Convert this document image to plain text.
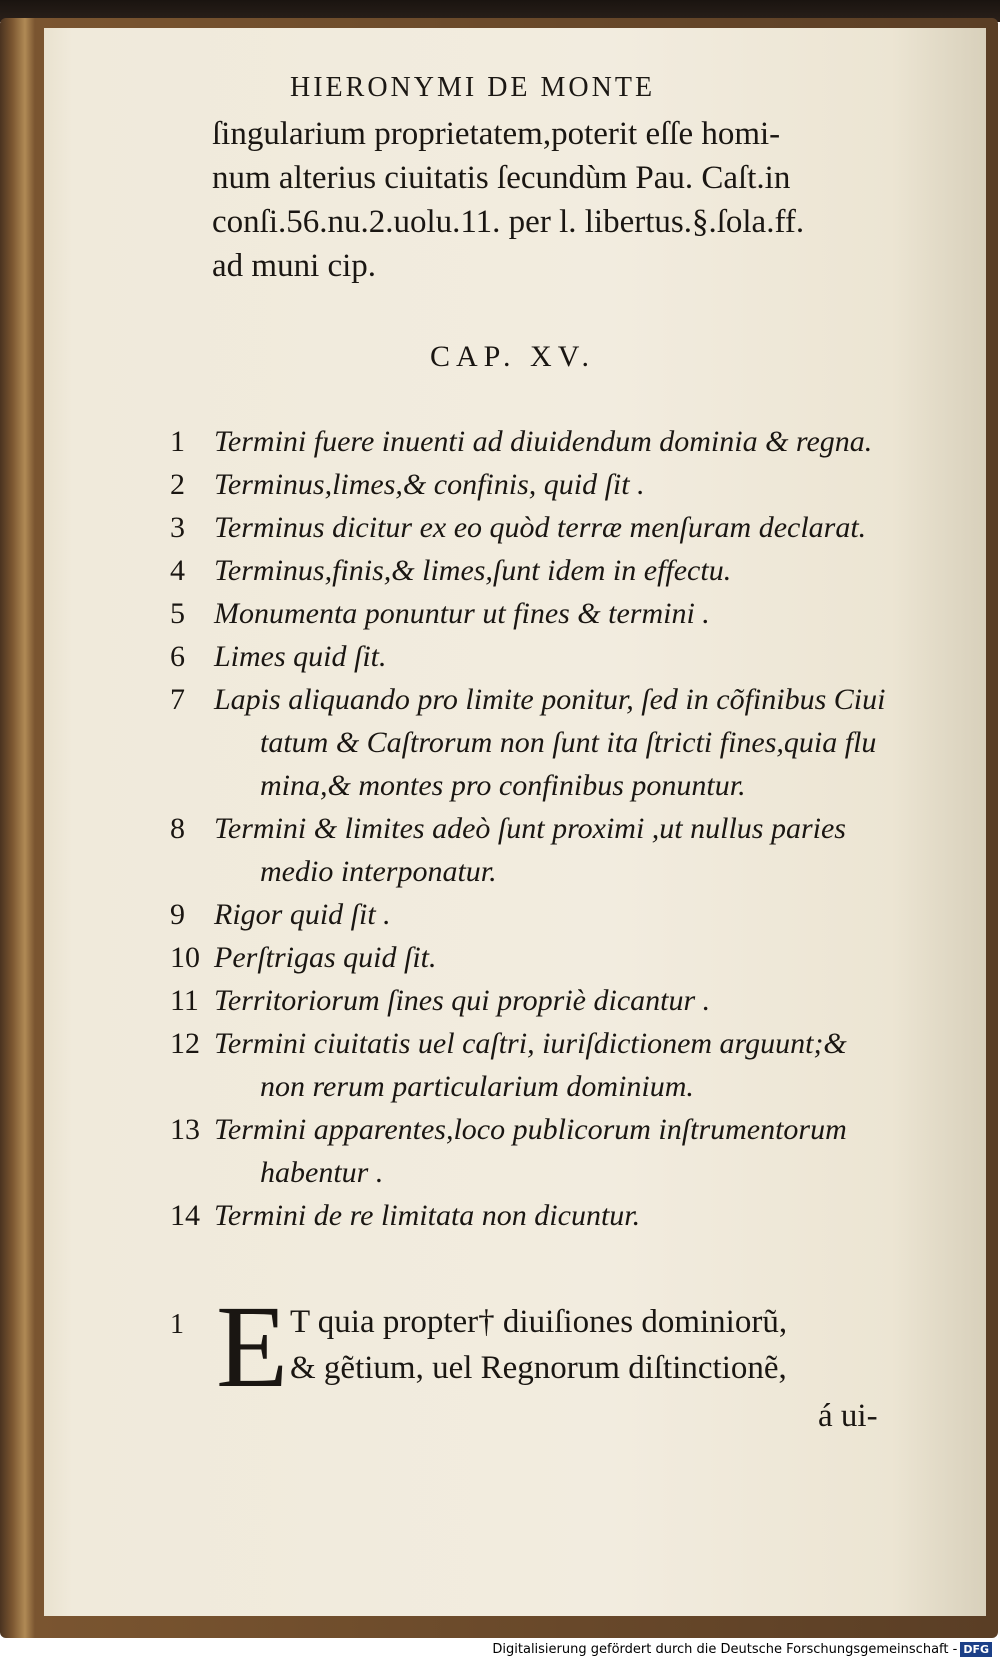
HIERONYMI DE MONTE
ſingularium proprietatem,poterit eſſe homi-
num alterius ciuitatis ſecundùm Pau. Caſt.in
conſi.56.nu.2.uolu.11. per l. libertus.§.ſola.ff.
ad muni cip.
CAP. XV.
1 Termini fuere inuenti ad diuidendum dominia & regna.
2 Terminus,limes,& confinis, quid ſit .
3 Terminus dicitur ex eo quòd terræ menſuram declarat.
4 Terminus,finis,& limes,ſunt idem in effectu.
5 Monumenta ponuntur ut fines & termini .
6 Limes quid ſit.
7 Lapis aliquando pro limite ponitur, ſed in cõfinibus Ciui
tatum & Caſtrorum non ſunt ita ſtricti fines,quia flu
mina,& montes pro confinibus ponuntur.
8 Termini & limites adeò ſunt proximi ,ut nullus paries
medio interponatur.
9 Rigor quid ſit .
10 Perſtrigas quid ſit.
11 Territoriorum ſines qui propriè dicantur .
12 Termini ciuitatis uel caſtri, iuriſdictionem arguunt;&
non rerum particularium dominium.
13 Termini apparentes,loco publicorum inſtrumentorum
habentur .
14 Termini de re limitata non dicuntur.
1 E T quia propter† diuiſiones dominiorũ,
& gẽtium, uel Regnorum diſtinctionẽ,
á ui-
Digitalisierung gefördert durch die Deutsche Forschungsgemeinschaft - DFG
